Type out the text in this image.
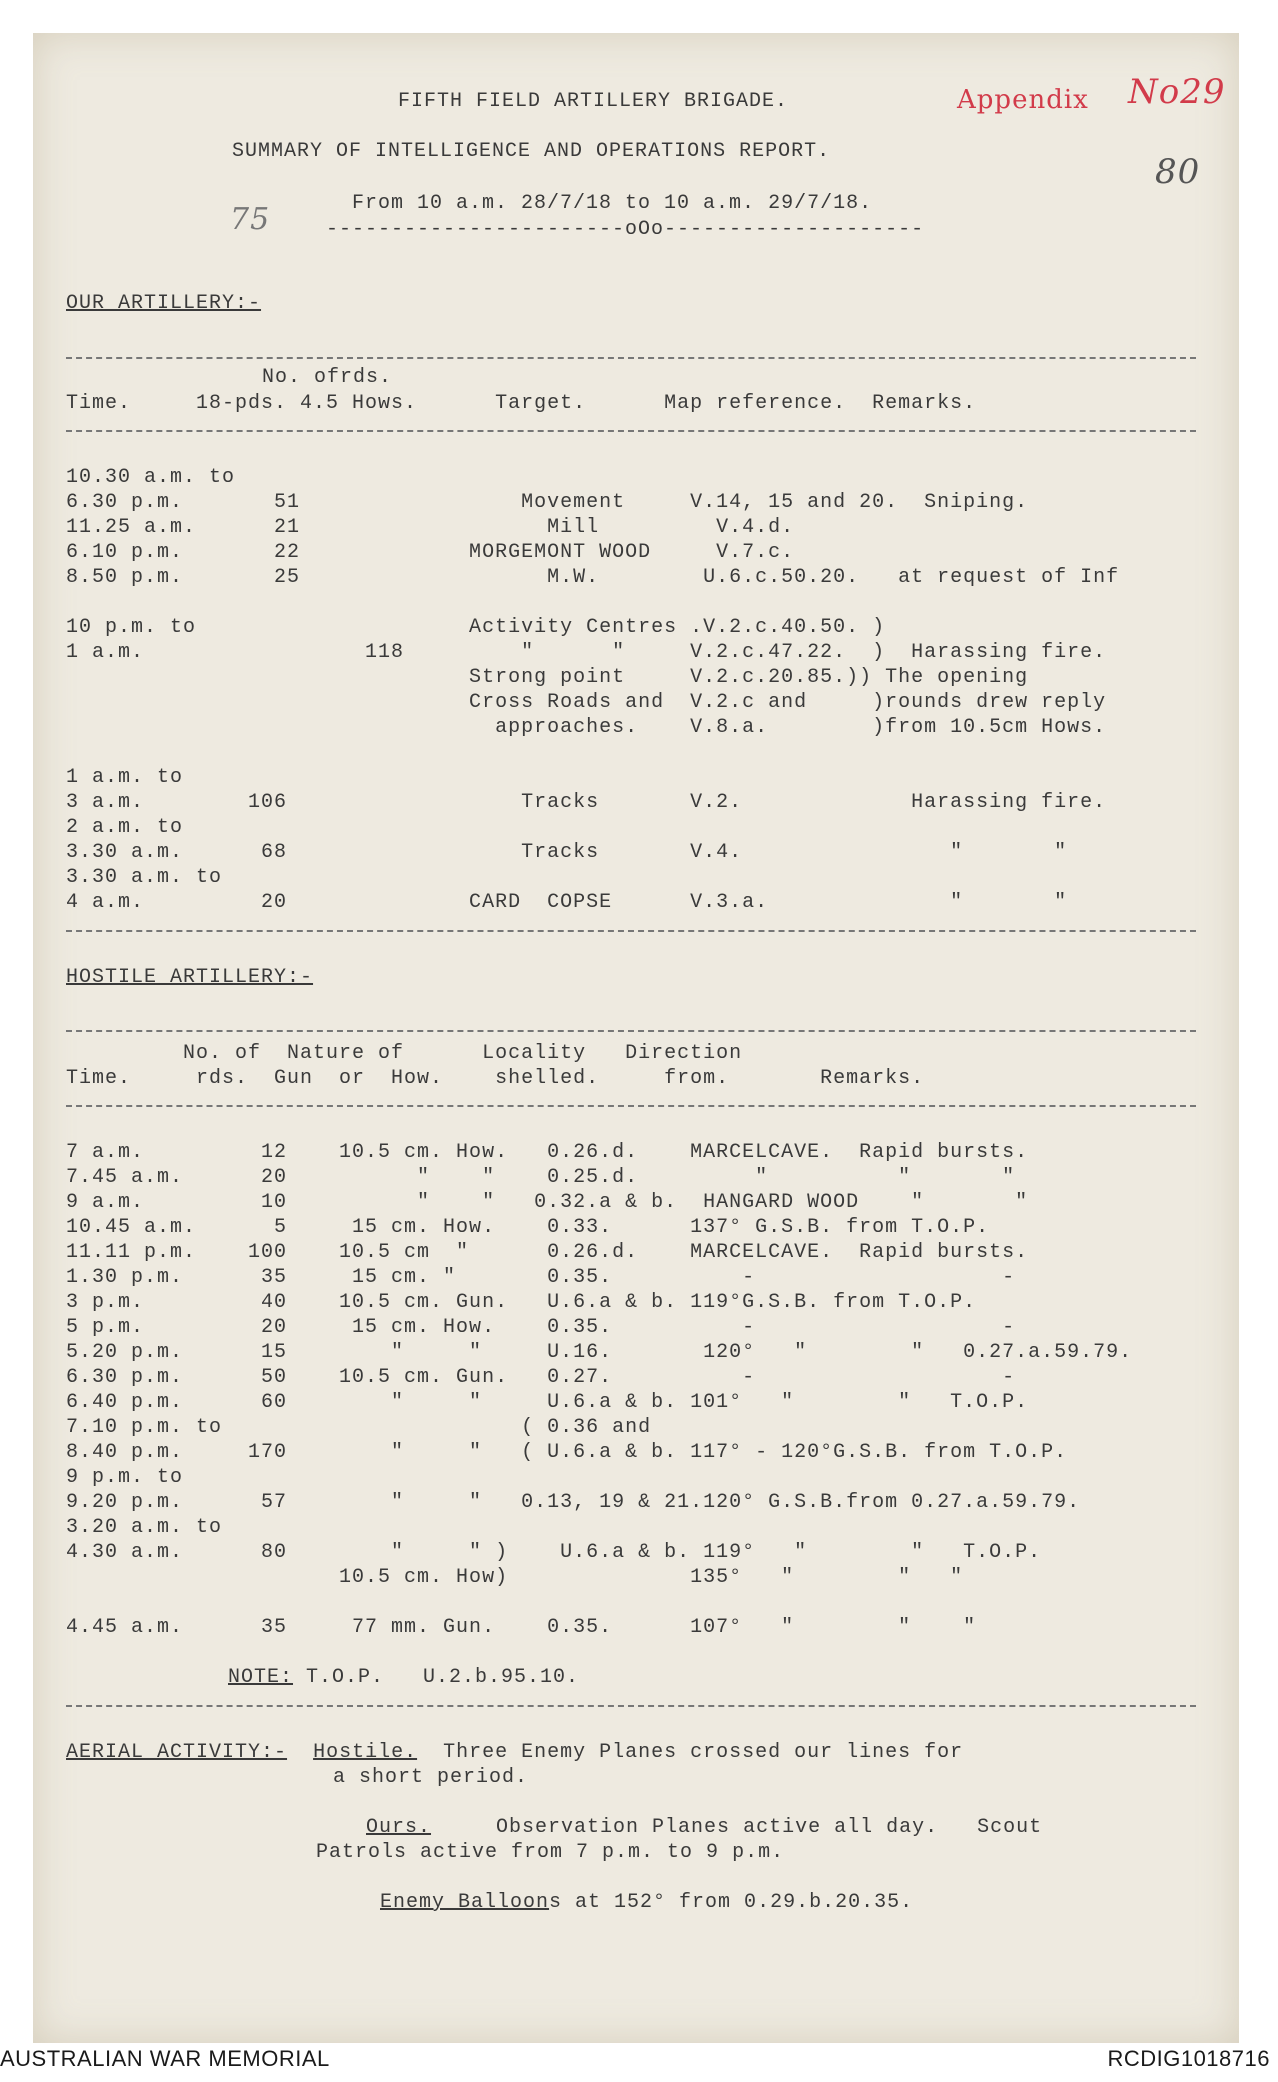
FIFTH FIELD ARTILLERY BRIGADE.
SUMMARY OF INTELLIGENCE AND OPERATIONS REPORT.
From 10 a.m. 28/7/18 to 10 a.m. 29/7/18.
-----------------------oOo--------------------
75
Appendix No29
80
OUR ARTILLERY:-
No. ofrds.
Time.     18-pds. 4.5 Hows.      Target.      Map reference.  Remarks.
10.30 a.m. to
6.30 p.m.       51                 Movement     V.14, 15 and 20.  Sniping.
11.25 a.m.      21                   Mill         V.4.d.
6.10 p.m.       22             MORGEMONT WOOD     V.7.c.
8.50 p.m.       25                   M.W.        U.6.c.50.20.   at request of Inf
10 p.m. to                     Activity Centres .V.2.c.40.50. )
1 a.m.                 118         "      "     V.2.c.47.22.  )  Harassing fire.
Strong point     V.2.c.20.85.)) The opening
Cross Roads and  V.2.c and     )rounds drew reply
approaches.    V.8.a.        )from 10.5cm Hows.
1 a.m. to
3 a.m.        106                  Tracks       V.2.             Harassing fire.
2 a.m. to
3.30 a.m.      68                  Tracks       V.4.                "       "
3.30 a.m. to
4 a.m.         20              CARD  COPSE      V.3.a.              "       "
HOSTILE ARTILLERY:-
No. of  Nature of      Locality   Direction
Time.     rds.  Gun  or  How.    shelled.     from.       Remarks.
7 a.m.         12    10.5 cm. How.   0.26.d.    MARCELCAVE.  Rapid bursts.
7.45 a.m.      20          "    "    0.25.d.         "          "       "
9 a.m.         10          "    "   0.32.a & b.  HANGARD WOOD    "       "
10.45 a.m.      5     15 cm. How.    0.33.      137° G.S.B. from T.O.P.
11.11 p.m.    100    10.5 cm  "      0.26.d.    MARCELCAVE.  Rapid bursts.
1.30 p.m.      35     15 cm. "       0.35.          -                   -
3 p.m.         40    10.5 cm. Gun.   U.6.a & b. 119°G.S.B. from T.O.P.
5 p.m.         20     15 cm. How.    0.35.          -                   -
5.20 p.m.      15        "     "     U.16.       120°   "        "   0.27.a.59.79.
6.30 p.m.      50    10.5 cm. Gun.   0.27.          -                   -
6.40 p.m.      60        "     "     U.6.a & b. 101°   "        "   T.O.P.
7.10 p.m. to                       ( 0.36 and
8.40 p.m.     170        "     "   ( U.6.a & b. 117° - 120°G.S.B. from T.O.P.
9 p.m. to
9.20 p.m.      57        "     "   0.13, 19 & 21.120° G.S.B.from 0.27.a.59.79.
3.20 a.m. to
4.30 a.m.      80        "     " )    U.6.a & b. 119°   "        "   T.O.P.
10.5 cm. How)              135°   "        "   "
4.45 a.m.      35     77 mm. Gun.    0.35.      107°   "        "    "
NOTE: T.O.P.   U.2.b.95.10.
AERIAL ACTIVITY:- Hostile.  Three Enemy Planes crossed our lines for
a short period.
Ours.     Observation Planes active all day.   Scout
Patrols active from 7 p.m. to 9 p.m.
Enemy Balloons at 152° from 0.29.b.20.35.
AUSTRALIAN WAR MEMORIAL	RCDIG1018716
